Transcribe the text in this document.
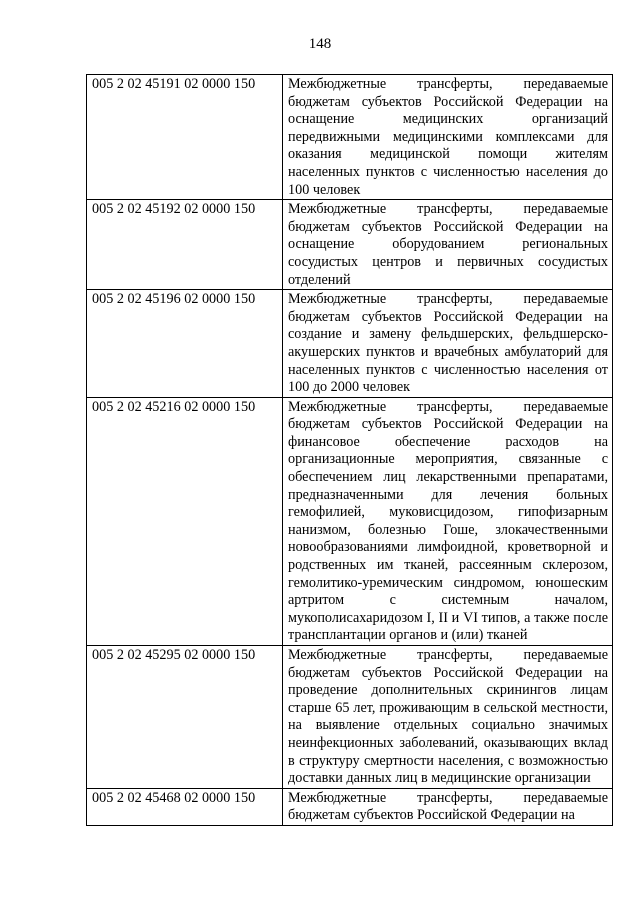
148
005 2 02 45191 02 0000 150	Межбюджетные трансферты, передаваемые бюджетам субъектов Российской Федерации на оснащение медицинских организаций передвижными медицинскими комплексами для оказания медицинской помощи жителям населенных пунктов с численностью населения до 100 человек
005 2 02 45192 02 0000 150	Межбюджетные трансферты, передаваемые бюджетам субъектов Российской Федерации на оснащение оборудованием региональных сосудистых центров и первичных сосудистых отделений
005 2 02 45196 02 0000 150	Межбюджетные трансферты, передаваемые бюджетам субъектов Российской Федерации на создание и замену фельдшерских, фельдшерско-акушерских пунктов и врачебных амбулаторий для населенных пунктов с численностью населения от 100 до 2000 человек
005 2 02 45216 02 0000 150	Межбюджетные трансферты, передаваемые бюджетам субъектов Российской Федерации на финансовое обеспечение расходов на организационные мероприятия, связанные с обеспечением лиц лекарственными препаратами, предназначенными для лечения больных гемофилией, муковисцидозом, гипофизарным нанизмом, болезнью Гоше, злокачественными новообразованиями лимфоидной, кроветворной и родственных им тканей, рассеянным склерозом, гемолитико-уремическим синдромом, юношеским артритом с системным началом, мукополисахаридозом I, II и VI типов, а также после трансплантации органов и (или) тканей
005 2 02 45295 02 0000 150	Межбюджетные трансферты, передаваемые бюджетам субъектов Российской Федерации на проведение дополнительных скринингов лицам старше 65 лет, проживающим в сельской местности, на выявление отдельных социально значимых неинфекционных заболеваний, оказывающих вклад в структуру смертности населения, с возможностью доставки данных лиц в медицинские организации
005 2 02 45468 02 0000 150	Межбюджетные трансферты, передаваемые бюджетам субъектов Российской Федерации на
